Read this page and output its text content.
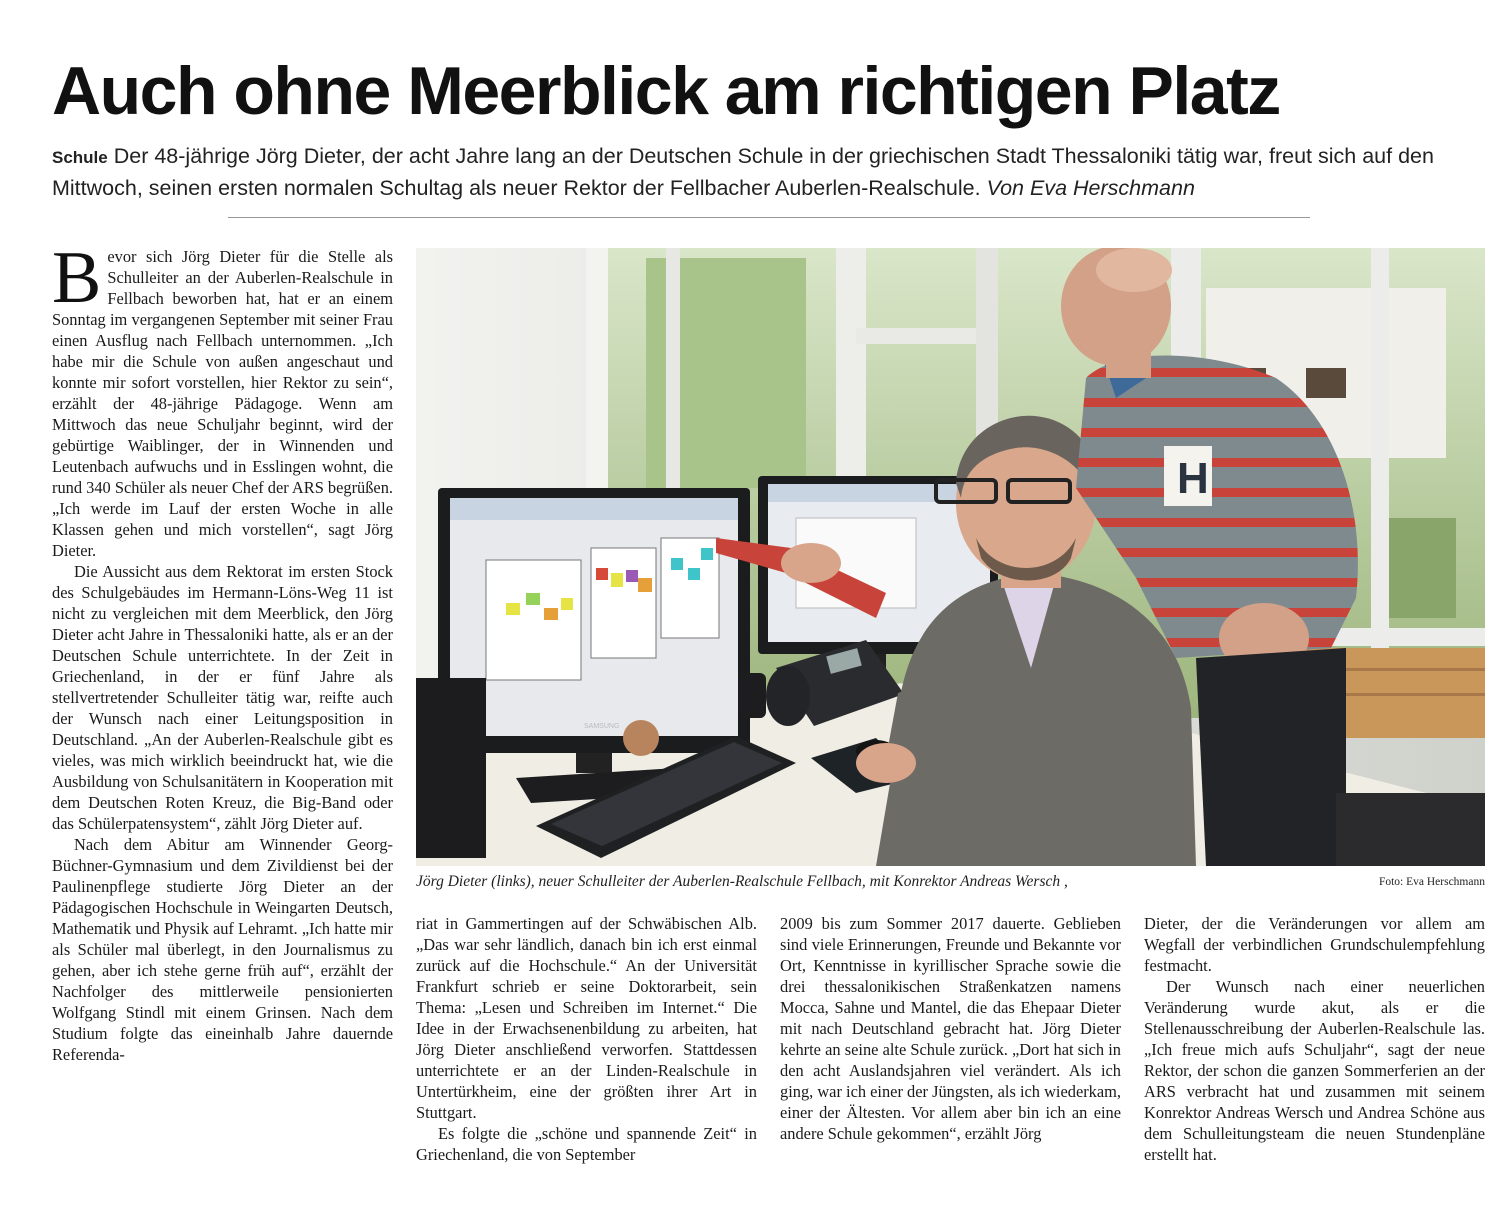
Auch ohne Meerblick am richtigen Platz
Schule Der 48-jährige Jörg Dieter, der acht Jahre lang an der Deutschen Schule in der griechischen Stadt Thessaloniki tätig war, freut sich auf den Mittwoch, seinen ersten normalen Schultag als neuer Rektor der Fellbacher Auberlen-Realschule. Von Eva Herschmann

Bevor sich Jörg Dieter für die Stelle als Schulleiter an der Auberlen-Realschule in Fellbach beworben hat, hat er an einem Sonntag im vergangenen September mit seiner Frau einen Ausflug nach Fellbach unternommen. „Ich habe mir die Schule von außen angeschaut und konnte mir sofort vorstellen, hier Rektor zu sein“, erzählt der 48-jährige Pädagoge. Wenn am Mittwoch das neue Schuljahr beginnt, wird der gebürtige Waiblinger, der in Winnenden und Leutenbach aufwuchs und in Esslingen wohnt, die rund 340 Schüler als neuer Chef der ARS begrüßen. „Ich werde im Lauf der ersten Woche in alle Klassen gehen und mich vorstellen“, sagt Jörg Dieter.

Die Aussicht aus dem Rektorat im ersten Stock des Schulgebäudes im Hermann-Löns-Weg 11 ist nicht zu vergleichen mit dem Meerblick, den Jörg Dieter acht Jahre in Thessaloniki hatte, als er an der Deutschen Schule unterrichtete. In der Zeit in Griechenland, in der er fünf Jahre als stellvertretender Schulleiter tätig war, reifte auch der Wunsch nach einer Leitungsposition in Deutschland. „An der Auberlen-Realschule gibt es vieles, was mich wirklich beeindruckt hat, wie die Ausbildung von Schulsanitätern in Kooperation mit dem Deutschen Roten Kreuz, die Big-Band oder das Schülerpatensystem“, zählt Jörg Dieter auf.

Nach dem Abitur am Winnender Georg-Büchner-Gymnasium und dem Zivildienst bei der Paulinenpflege studierte Jörg Dieter an der Pädagogischen Hochschule in Weingarten Deutsch, Mathematik und Physik auf Lehramt. „Ich hatte mir als Schüler mal überlegt, in den Journalismus zu gehen, aber ich stehe gerne früh auf“, erzählt der Nachfolger des mittlerweile pensionierten Wolfgang Stindl mit einem Grinsen. Nach dem Studium folgte das eineinhalb Jahre dauernde Referenda-

SAMSUNG
H
Jörg Dieter (links), neuer Schulleiter der Auberlen-Realschule Fellbach, mit Konrektor Andreas Wersch ,	Foto: Eva Herschmann

riat in Gammertingen auf der Schwäbischen Alb. „Das war sehr ländlich, danach bin ich erst einmal zurück auf die Hochschule.“ An der Universität Frankfurt schrieb er seine Doktorarbeit, sein Thema: „Lesen und Schreiben im Internet.“ Die Idee in der Erwachsenenbildung zu arbeiten, hat Jörg Dieter anschließend verworfen. Stattdessen unterrichtete er an der Linden-Realschule in Untertürkheim, eine der größten ihrer Art in Stuttgart.

Es folgte die „schöne und spannende Zeit“ in Griechenland, die von September

2009 bis zum Sommer 2017 dauerte. Geblieben sind viele Erinnerungen, Freunde und Bekannte vor Ort, Kenntnisse in kyrillischer Sprache sowie die drei thessalonikischen Straßenkatzen namens Mocca, Sahne und Mantel, die das Ehepaar Dieter mit nach Deutschland gebracht hat. Jörg Dieter kehrte an seine alte Schule zurück. „Dort hat sich in den acht Auslandsjahren viel verändert. Als ich ging, war ich einer der Jüngsten, als ich wiederkam, einer der Ältesten. Vor allem aber bin ich an eine andere Schule gekommen“, erzählt Jörg

Dieter, der die Veränderungen vor allem am Wegfall der verbindlichen Grundschulempfehlung festmacht.

Der Wunsch nach einer neuerlichen Veränderung wurde akut, als er die Stellenausschreibung der Auberlen-Realschule las. „Ich freue mich aufs Schuljahr“, sagt der neue Rektor, der schon die ganzen Sommerferien an der ARS verbracht hat und zusammen mit seinem Konrektor Andreas Wersch und Andrea Schöne aus dem Schulleitungsteam die neuen Stundenpläne erstellt hat.
